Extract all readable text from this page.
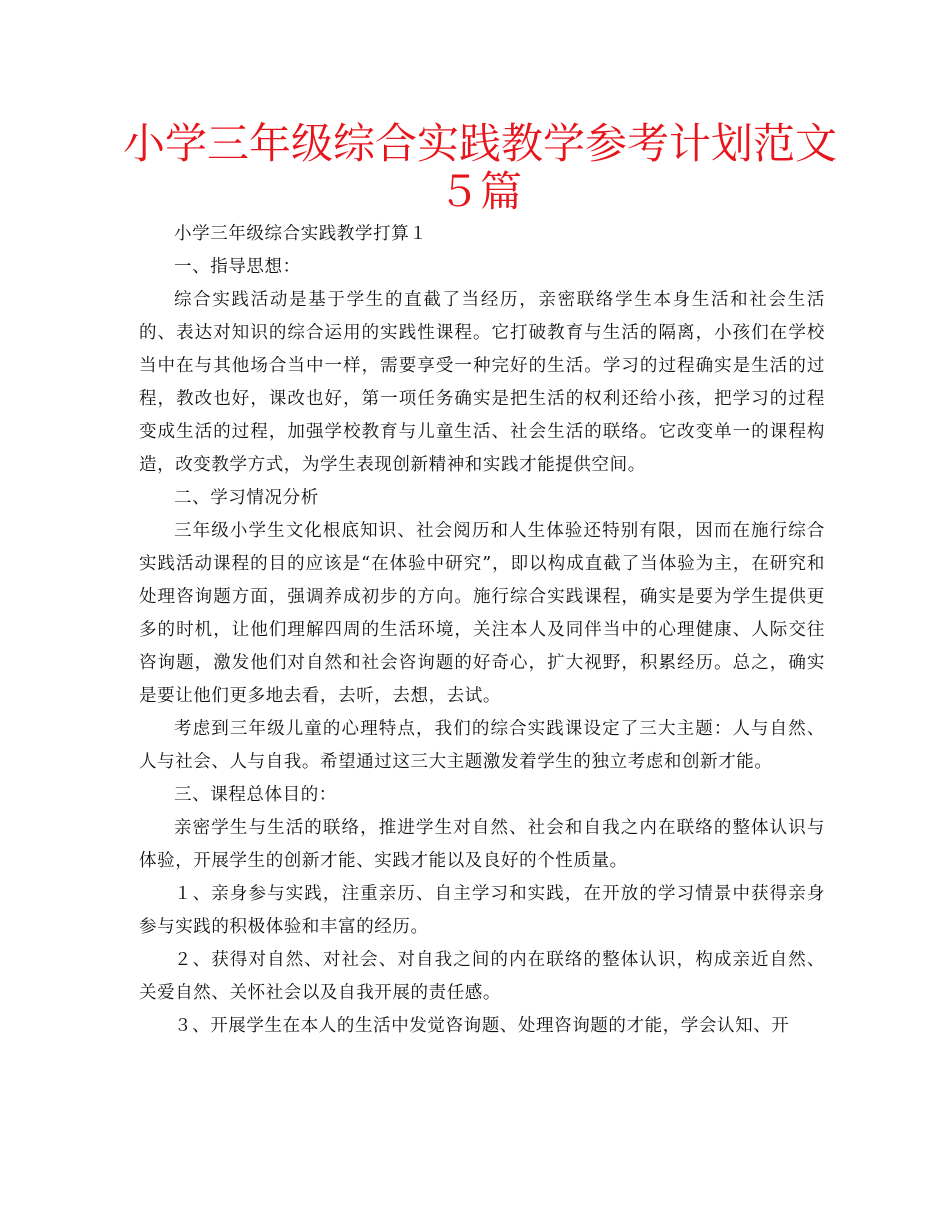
小学三年级综合实践教学参考计划范文５篇

小学三年级综合实践教学打算１

一、指导思想：

综合实践活动是基于学生的直截了当经历，亲密联络学生本身生活和社会生活的、表达对知识的综合运用的实践性课程。它打破教育与生活的隔离，小孩们在学校当中在与其他场合当中一样，需要享受一种完好的生活。学习的过程确实是生活的过程，教改也好，课改也好，第一项任务确实是把生活的权利还给小孩，把学习的过程变成生活的过程，加强学校教育与儿童生活、社会生活的联络。它改变单一的课程构造，改变教学方式，为学生表现创新精神和实践才能提供空间。

二、学习情况分析

三年级小学生文化根底知识、社会阅历和人生体验还特别有限，因而在施行综合实践活动课程的目的应该是“在体验中研究”，即以构成直截了当体验为主，在研究和处理咨询题方面，强调养成初步的方向。施行综合实践课程，确实是要为学生提供更多的时机，让他们理解四周的生活环境，关注本人及同伴当中的心理健康、人际交往咨询题，激发他们对自然和社会咨询题的好奇心，扩大视野，积累经历。总之，确实是要让他们更多地去看，去听，去想，去试。

考虑到三年级儿童的心理特点，我们的综合实践课设定了三大主题：人与自然、人与社会、人与自我。希望通过这三大主题激发着学生的独立考虑和创新才能。

三、课程总体目的：

亲密学生与生活的联络，推进学生对自然、社会和自我之内在联络的整体认识与体验，开展学生的创新才能、实践才能以及良好的个性质量。

１、亲身参与实践，注重亲历、自主学习和实践，在开放的学习情景中获得亲身参与实践的积极体验和丰富的经历。

２、获得对自然、对社会、对自我之间的内在联络的整体认识，构成亲近自然、关爱自然、关怀社会以及自我开展的责任感。

３、开展学生在本人的生活中发觉咨询题、处理咨询题的才能，学会认知、开
